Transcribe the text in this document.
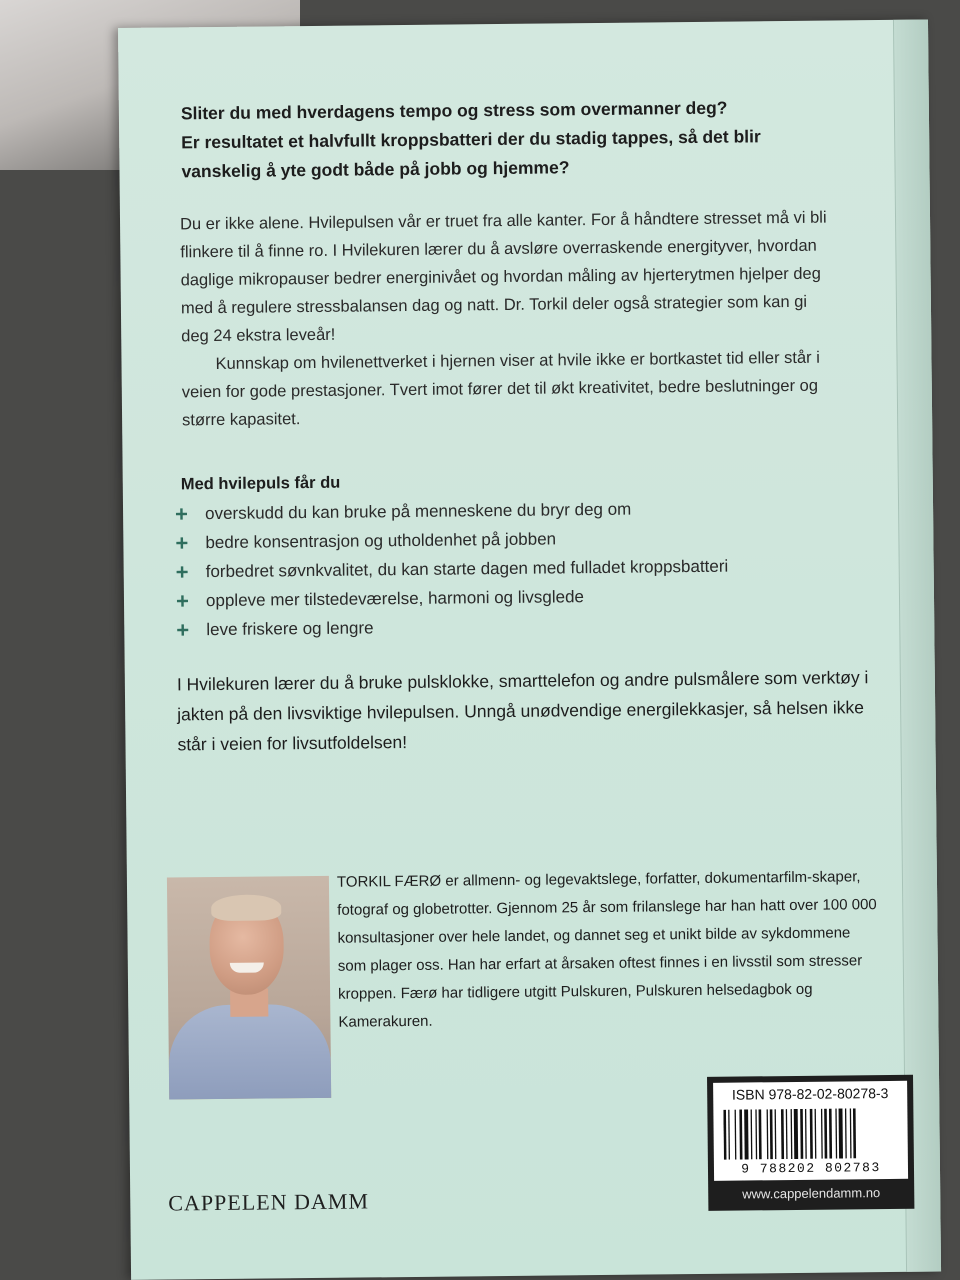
Sliter du med hverdagens tempo og stress som overmanner deg?
Er resultatet et halvfullt kroppsbatteri der du stadig tappes, så det blir
vanskelig å yte godt både på jobb og hjemme?

Du er ikke alene. Hvilepulsen vår er truet fra alle kanter. For å håndtere stresset må vi bli flinkere til å finne ro. I Hvilekuren lærer du å avsløre overraskende energityver, hvordan daglige mikropauser bedrer energinivået og hvordan måling av hjerterytmen hjelper deg med å regulere stressbalansen dag og natt. Dr. Torkil deler også strategier som kan gi deg 24 ekstra leveår!

Kunnskap om hvilenettverket i hjernen viser at hvile ikke er bortkastet tid eller står i veien for gode prestasjoner. Tvert imot fører det til økt kreativitet, bedre beslutninger og større kapasitet.

Med hvilepuls får du
+ overskudd du kan bruke på menneskene du bryr deg om
+ bedre konsentrasjon og utholdenhet på jobben
+ forbedret søvnkvalitet, du kan starte dagen med fulladet kroppsbatteri
+ oppleve mer tilstedeværelse, harmoni og livsglede
+ leve friskere og lengre
I Hvilekuren lærer du å bruke pulsklokke, smarttelefon og andre pulsmålere som verktøy i jakten på den livsviktige hvilepulsen. Unngå unødvendige energilekkasjer, så helsen ikke står i veien for livsutfoldelsen!
TORKIL FÆRØ er allmenn- og legevaktslege, forfatter, dokumentarfilm-skaper, fotograf og globetrotter. Gjennom 25 år som frilanslege har han hatt over 100 000 konsultasjoner over hele landet, og dannet seg et unikt bilde av sykdommene som plager oss. Han har erfart at årsaken oftest finnes i en livsstil som stresser kroppen. Færø har tidligere utgitt Pulskuren, Pulskuren helsedagbok og Kamerakuren.
CAPPELEN DAMM
ISBN 978-82-02-80278-3
9 788202 802783
www.cappelendamm.no
